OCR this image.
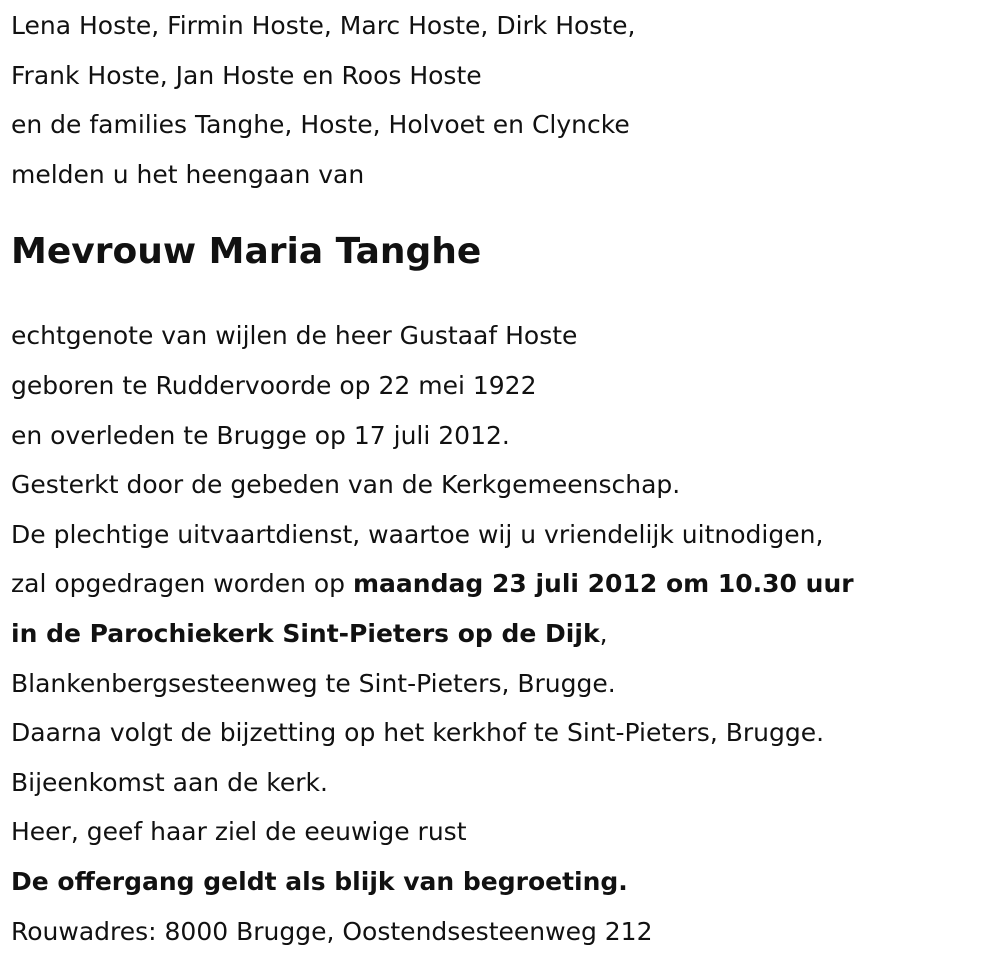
Lena Hoste, Firmin Hoste, Marc Hoste, Dirk Hoste,

Frank Hoste, Jan Hoste en Roos Hoste

en de families Tanghe, Hoste, Holvoet en Clyncke

melden u het heengaan van

Mevrouw Maria Tanghe

echtgenote van wijlen de heer Gustaaf Hoste

geboren te Ruddervoorde op 22 mei 1922

en overleden te Brugge op 17 juli 2012.

Gesterkt door de gebeden van de Kerkgemeenschap.

De plechtige uitvaartdienst, waartoe wij u vriendelijk uitnodigen,

zal opgedragen worden op maandag 23 juli 2012 om 10.30 uur

in de Parochiekerk Sint-Pieters op de Dijk,

Blankenbergsesteenweg te Sint-Pieters, Brugge.

Daarna volgt de bijzetting op het kerkhof te Sint-Pieters, Brugge.

Bijeenkomst aan de kerk.

Heer, geef haar ziel de eeuwige rust

De offergang geldt als blijk van begroeting.

Rouwadres: 8000 Brugge, Oostendsesteenweg 212
